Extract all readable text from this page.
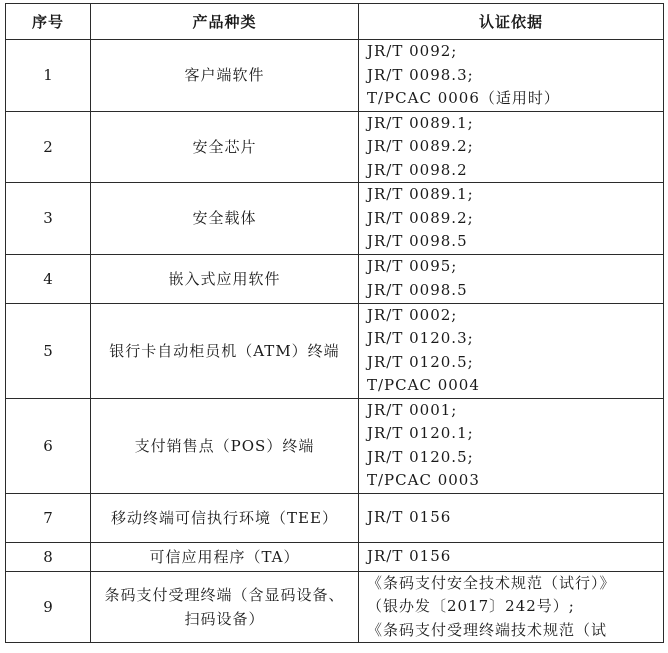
序号	产品种类	认证依据
1	客户端软件	JR/T 0092;
JR/T 0098.3;
T/PCAC 0006（适用时）

2	安全芯片	JR/T 0089.1;
JR/T 0089.2;
JR/T 0098.2

3	安全载体	JR/T 0089.1;
JR/T 0089.2;
JR/T 0098.5

4	嵌入式应用软件	JR/T 0095;
JR/T 0098.5

5	银行卡自动柜员机（ATM）终端	JR/T 0002;
JR/T 0120.3;
JR/T 0120.5;
T/PCAC 0004

6	支付销售点（POS）终端	JR/T 0001;
JR/T 0120.1;
JR/T 0120.5;
T/PCAC 0003

7	移动终端可信执行环境（TEE）	JR/T 0156

8	可信应用程序（TA）	JR/T 0156

9	条码支付受理终端（含显码设备、扫码设备）	《条码支付安全技术规范（试行）》
（银办发〔2017〕242号）;
《条码支付受理终端技术规范（试
